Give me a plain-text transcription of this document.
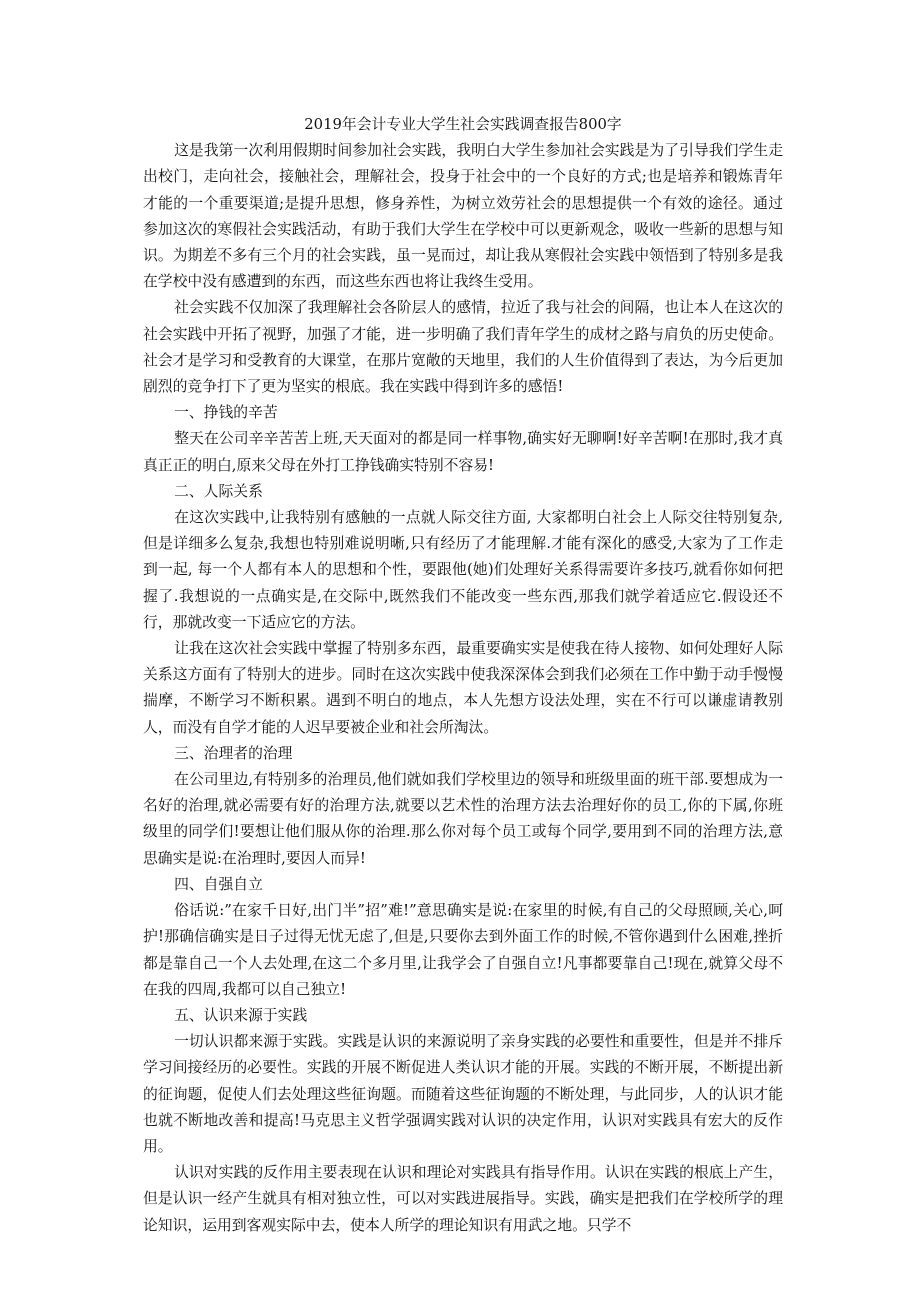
2019年会计专业大学生社会实践调查报告800字

这是我第一次利用假期时间参加社会实践，我明白大学生参加社会实践是为了引导我们学生走出校门，走向社会，接触社会，理解社会，投身于社会中的一个良好的方式;也是培养和锻炼青年才能的一个重要渠道;是提升思想，修身养性，为树立效劳社会的思想提供一个有效的途径。通过参加这次的寒假社会实践活动，有助于我们大学生在学校中可以更新观念，吸收一些新的思想与知识。为期差不多有三个月的社会实践，虽一晃而过，却让我从寒假社会实践中领悟到了特别多是我在学校中没有感遭到的东西，而这些东西也将让我终生受用。

社会实践不仅加深了我理解社会各阶层人的感情，拉近了我与社会的间隔，也让本人在这次的社会实践中开拓了视野，加强了才能，进一步明确了我们青年学生的成材之路与肩负的历史使命。社会才是学习和受教育的大课堂，在那片宽敞的天地里，我们的人生价值得到了表达，为今后更加剧烈的竞争打下了更为坚实的根底。我在实践中得到许多的感悟!

一、挣钱的辛苦

整天在公司辛辛苦苦上班,天天面对的都是同一样事物,确实好无聊啊!好辛苦啊!在那时,我才真真正正的明白,原来父母在外打工挣钱确实特别不容易!

二、人际关系

在这次实践中,让我特别有感触的一点就人际交往方面, 大家都明白社会上人际交往特别复杂,但是详细多么复杂,我想也特别难说明晰,只有经历了才能理解.才能有深化的感受,大家为了工作走到一起, 每一个人都有本人的思想和个性，要跟他(她)们处理好关系得需要许多技巧,就看你如何把握了.我想说的一点确实是,在交际中,既然我们不能改变一些东西,那我们就学着适应它.假设还不行，那就改变一下适应它的方法。

让我在这次社会实践中掌握了特别多东西，最重要确实实是使我在待人接物、如何处理好人际关系这方面有了特别大的进步。同时在这次实践中使我深深体会到我们必须在工作中勤于动手慢慢揣摩，不断学习不断积累。遇到不明白的地点，本人先想方设法处理，实在不行可以谦虚请教别人，而没有自学才能的人迟早要被企业和社会所淘汰。

三、治理者的治理

在公司里边,有特别多的治理员,他们就如我们学校里边的领导和班级里面的班干部.要想成为一名好的治理,就必需要有好的治理方法,就要以艺术性的治理方法去治理好你的员工,你的下属,你班级里的同学们!要想让他们服从你的治理.那么你对每个员工或每个同学,要用到不同的治理方法,意思确实是说:在治理时,要因人而异!

四、自强自立

俗话说:”在家千日好,出门半”招”难!”意思确实是说:在家里的时候,有自己的父母照顾,关心,呵护!那确信确实是日子过得无忧无虑了,但是,只要你去到外面工作的时候,不管你遇到什么困难,挫折都是靠自己一个人去处理,在这二个多月里,让我学会了自强自立!凡事都要靠自己!现在,就算父母不在我的四周,我都可以自己独立!

五、认识来源于实践

一切认识都来源于实践。实践是认识的来源说明了亲身实践的必要性和重要性，但是并不排斥学习间接经历的必要性。实践的开展不断促进人类认识才能的开展。实践的不断开展，不断提出新的征询题，促使人们去处理这些征询题。而随着这些征询题的不断处理，与此同步，人的认识才能也就不断地改善和提高!马克思主义哲学强调实践对认识的决定作用，认识对实践具有宏大的反作用。

认识对实践的反作用主要表现在认识和理论对实践具有指导作用。认识在实践的根底上产生，但是认识一经产生就具有相对独立性，可以对实践进展指导。实践，确实是把我们在学校所学的理论知识，运用到客观实际中去，使本人所学的理论知识有用武之地。只学不
